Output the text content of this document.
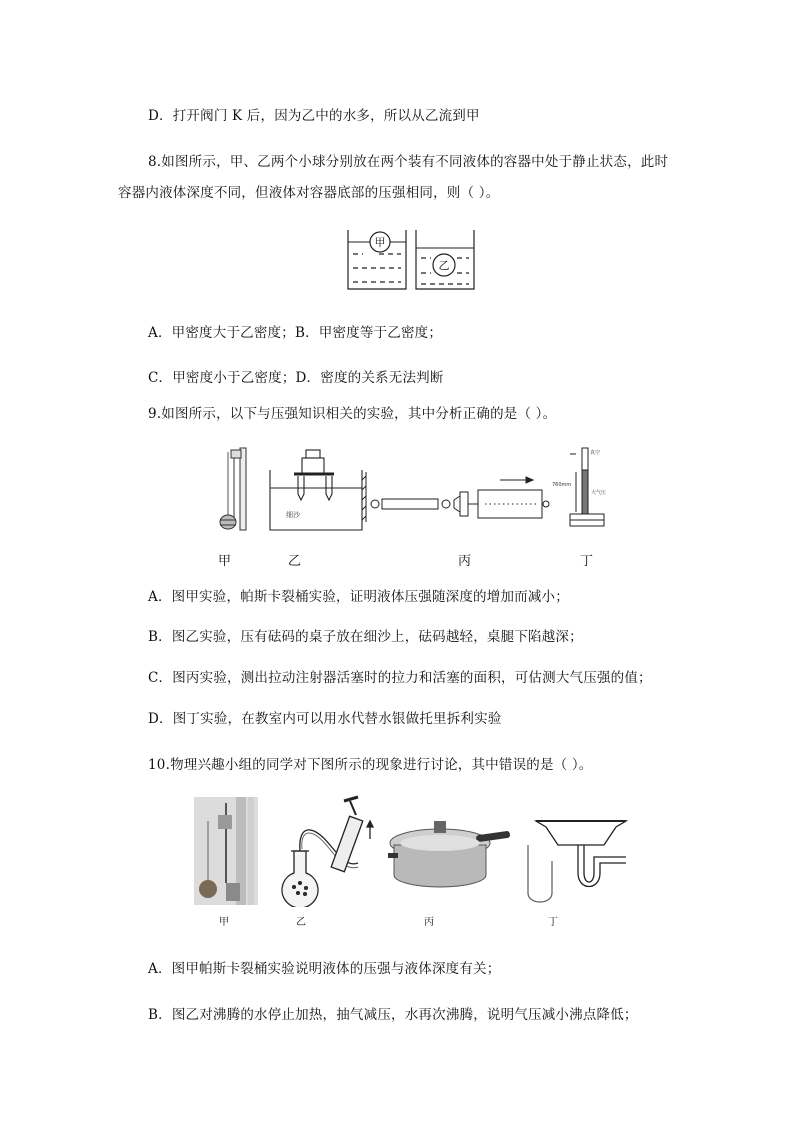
D．打开阀门 K 后，因为乙中的水多，所以从乙流到甲
8.如图所示，甲、乙两个小球分别放在两个装有不同液体的容器中处于静止状态，此时
容器内液体深度不同，但液体对容器底部的压强相同，则（ ）。
甲
乙
A．甲密度大于乙密度；B．甲密度等于乙密度；
C．甲密度小于乙密度；D．密度的关系无法判断
9.如图所示，以下与压强知识相关的实验，其中分析正确的是（ ）。
细沙
真空
760mm
大气压
甲	乙	丙	丁
A．图甲实验，帕斯卡裂桶实验，证明液体压强随深度的增加而减小；
B．图乙实验，压有砝码的桌子放在细沙上，砝码越轻，桌腿下陷越深；
C．图丙实验，测出拉动注射器活塞时的拉力和活塞的面积，可估测大气压强的值；
D．图丁实验，在教室内可以用水代替水银做托里拆利实验
10.物理兴趣小组的同学对下图所示的现象进行讨论，其中错误的是（ ）。
甲	乙	丙	丁
A．图甲帕斯卡裂桶实验说明液体的压强与液体深度有关；
B．图乙对沸腾的水停止加热，抽气减压，水再次沸腾，说明气压减小沸点降低；
